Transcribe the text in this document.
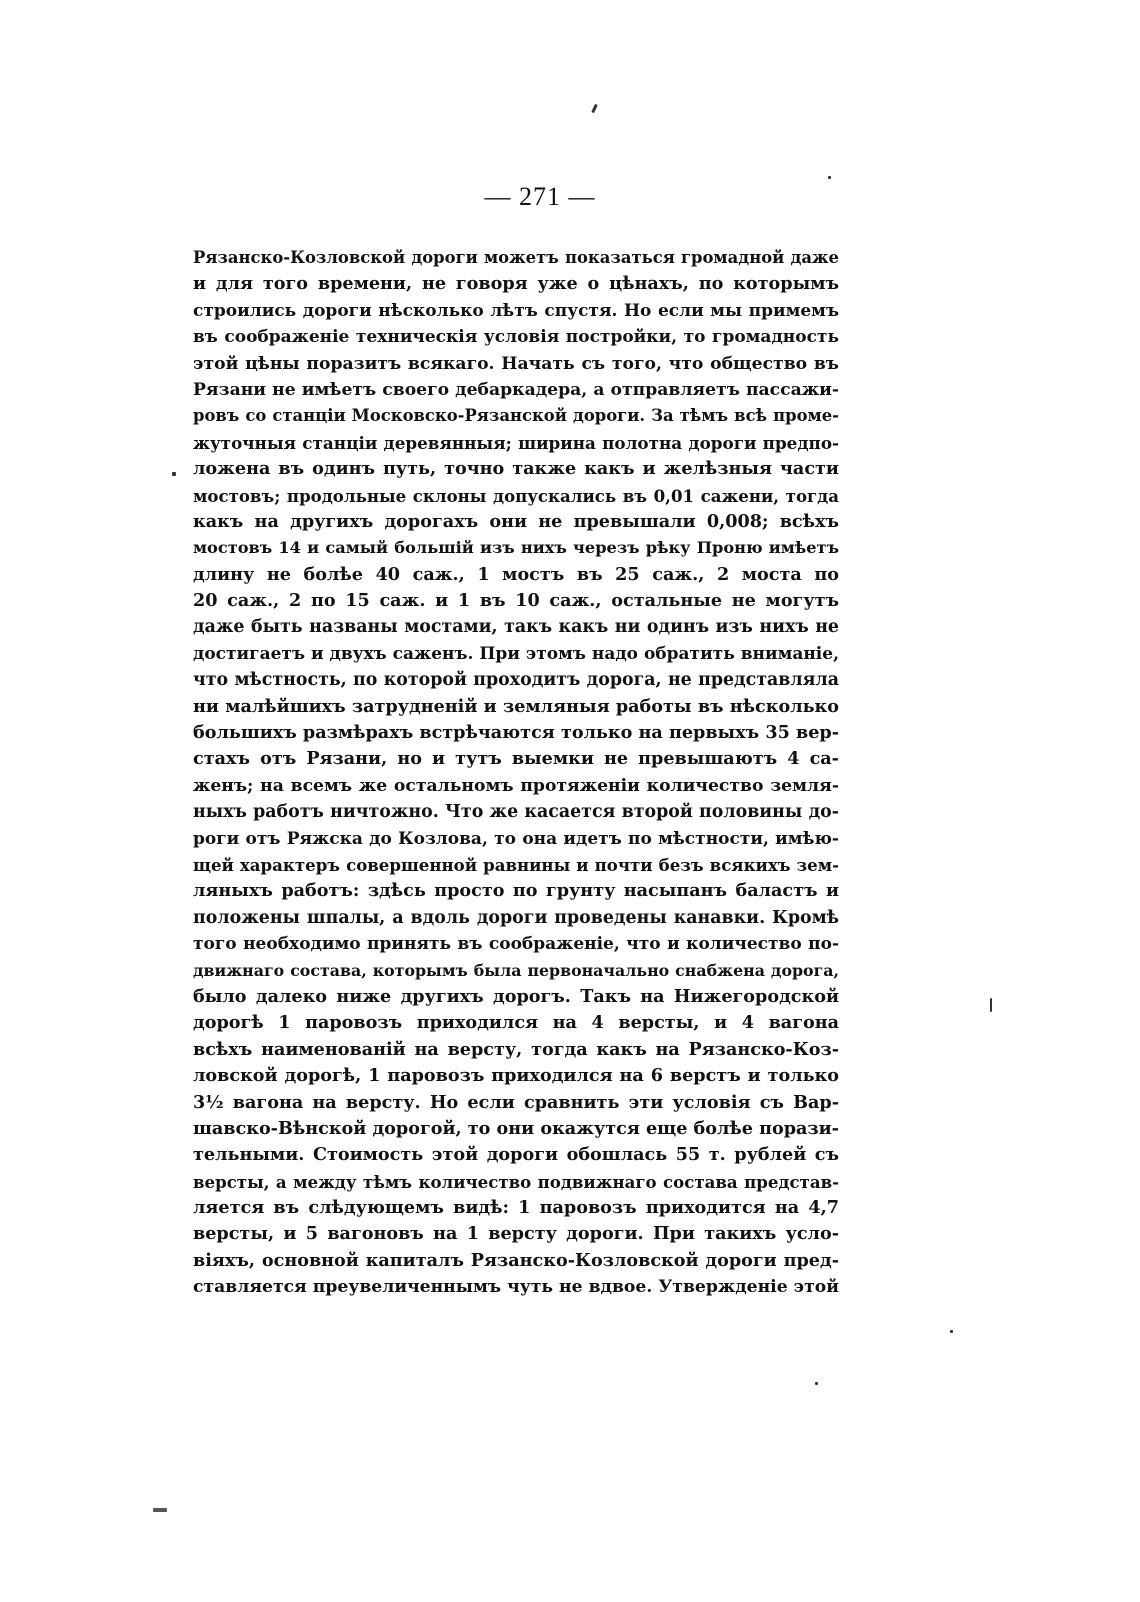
— 271 —
Рязанско-Козловской дороги можетъ показаться громадной даже
и для того времени, не говоря уже о цѣнахъ, по которымъ
строились дороги нѣсколько лѣтъ спустя. Но если мы примемъ
въ соображенiе техническiя условiя постройки, то громадность
этой цѣны поразитъ всякаго. Начать съ того, что общество въ
Рязани не имѣетъ своего дебаркадера, а отправляетъ пассажи-
ровъ со станцiи Московско-Рязанской дороги. За тѣмъ всѣ проме-
жуточныя станцiи деревянныя; ширина полотна дороги предпо-
ложена въ одинъ путь, точно также какъ и желѣзныя части
мостовъ; продольные склоны допускались въ 0,01 сажени, тогда
какъ на другихъ дорогахъ они не превышали 0,008; всѣхъ
мостовъ 14 и самый большiй изъ нихъ черезъ рѣку Проню имѣетъ
длину не болѣе 40 саж., 1 мостъ въ 25 саж., 2 моста по
20 саж., 2 по 15 саж. и 1 въ 10 саж., остальные не могутъ
даже быть названы мостами, такъ какъ ни одинъ изъ нихъ не
достигаетъ и двухъ саженъ. При этомъ надо обратить вниманiе,
что мѣстность, по которой проходитъ дорога, не представляла
ни малѣйшихъ затрудненiй и земляныя работы въ нѣсколько
большихъ размѣрахъ встрѣчаются только на первыхъ 35 вер-
стахъ отъ Рязани, но и тутъ выемки не превышаютъ 4 са-
женъ; на всемъ же остальномъ протяженiи количество земля-
ныхъ работъ ничтожно. Что же касается второй половины до-
роги отъ Ряжска до Козлова, то она идетъ по мѣстности, имѣю-
щей характеръ совершенной равнины и почти безъ всякихъ зем-
ляныхъ работъ: здѣсь просто по грунту насыпанъ баластъ и
положены шпалы, а вдоль дороги проведены канавки. Кромѣ
того необходимо принять въ соображенiе, что и количество по-
движнаго состава, которымъ была первоначально снабжена дорога,
было далеко ниже другихъ дорогъ. Такъ на Нижегородской
дорогѣ 1 паровозъ приходился на 4 версты, и 4 вагона
всѣхъ наименованiй на версту, тогда какъ на Рязанско-Коз-
ловской дорогѣ, 1 паровозъ приходился на 6 верстъ и только
3½ вагона на версту. Но если сравнить эти условiя съ Вар-
шавско-Вѣнской дорогой, то они окажутся еще болѣе порази-
тельными. Стоимость этой дороги обошлась 55 т. рублей съ
версты, а между тѣмъ количество подвижнаго состава представ-
ляется въ слѣдующемъ видѣ: 1 паровозъ приходится на 4,7
версты, и 5 вагоновъ на 1 версту дороги. При такихъ усло-
вiяхъ, основной капиталъ Рязанско-Козловской дороги пред-
ставляется преувеличеннымъ чуть не вдвое. Утвержденiе этой
